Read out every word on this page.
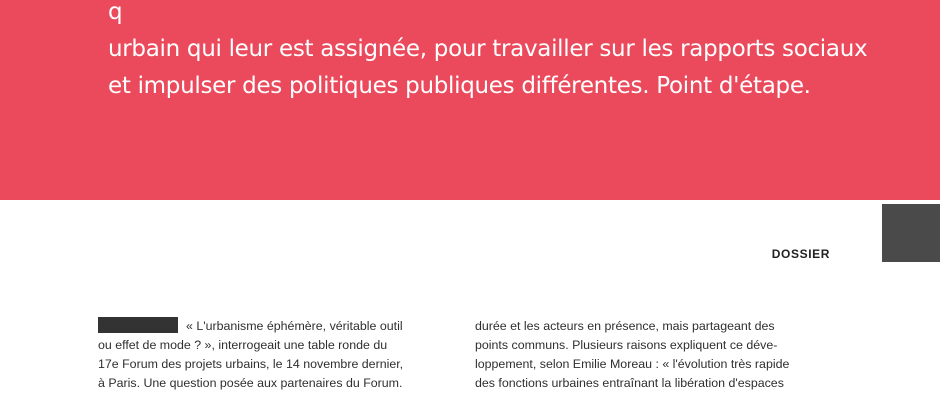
q
urbain qui leur est assignée, pour travailler sur les rapports sociaux
et impulser des politiques publiques différentes. Point d'étape.

DOSSIER
« L'urbanisme éphémère, véritable outil
ou effet de mode ? », interrogeait une table ronde du
17e Forum des projets urbains, le 14 novembre dernier,
à Paris. Une question posée aux partenaires du Forum.
durée et les acteurs en présence, mais partageant des
points communs. Plusieurs raisons expliquent ce déve-
loppement, selon Emilie Moreau : « l'évolution très rapide
des fonctions urbaines entraînant la libération d'espaces
